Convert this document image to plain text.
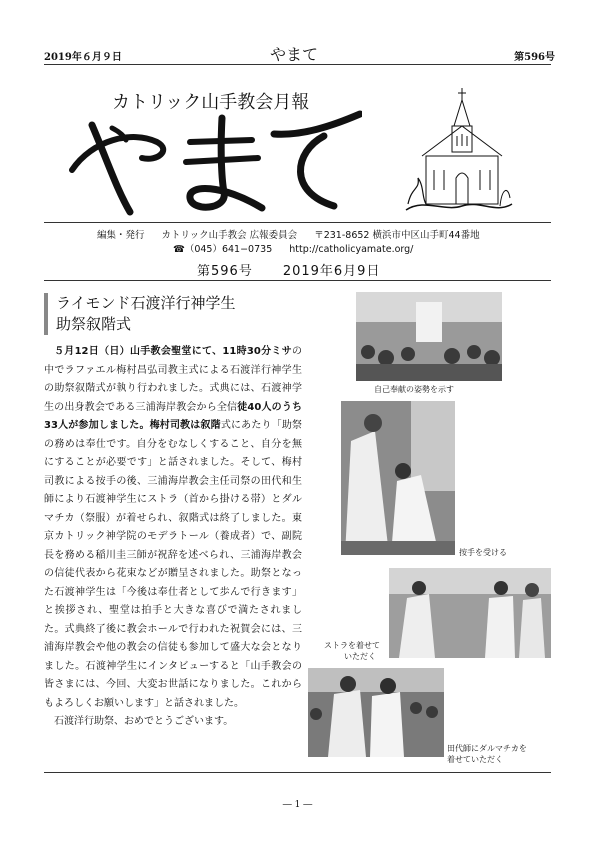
2019年６月９日	やまて	第596号
カトリック山手教会月報
編集・発行 カトリック山手教会 広報委員会 〒231-8652 横浜市中区山手町44番地
☎（045）641−0735 http://catholicyamate.org/
第596号 2019年6月9日
ライモンド石渡洋行神学生
助祭叙階式

５月12日（日）山手教会聖堂にて、11時30分ミサの中でラファエル梅村昌弘司教主式による石渡洋行神学生の助祭叙階式が執り行われました。式典には、石渡神学生の出身教会である三浦海岸教会から全信徒40人のうち33人が参加しました。梅村司教は叙階式にあたり「助祭の務めは奉仕です。自分をむなしくすること、自分を無にすることが必要です」と話されました。そして、梅村司教による按手の後、三浦海岸教会主任司祭の田代和生師により石渡神学生にストラ（首から掛ける帯）とダルマチカ（祭服）が着せられ、叙階式は終了しました。東京カトリック神学院のモデラトール（養成者）で、副院長を務める稲川圭三師が祝辞を述べられ、三浦海岸教会の信徒代表から花束などが贈呈されました。助祭となった石渡神学生は「今後は奉仕者として歩んで行きます」と挨拶され、聖堂は拍手と大きな喜びで満たされました。式典終了後に教会ホールで行われた祝賀会には、三浦海岸教会や他の教会の信徒も参加して盛大な会となりました。石渡神学生にインタビューすると「山手教会の皆さまには、今回、大変お世話になりました。これからもよろしくお願いします」と話されました。

石渡洋行助祭、おめでとうございます。

自己奉献の姿勢を示す
按手を受ける
ストラを着せて
いただく
田代師にダルマチカを
着せていただく
― 1 ―
